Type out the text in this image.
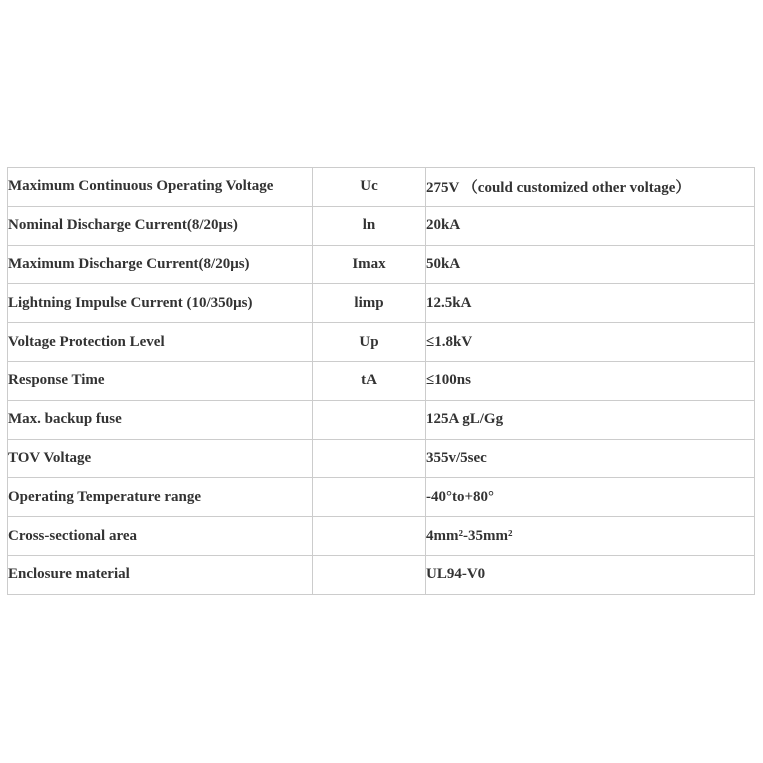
Maximum Continuous Operating Voltage	Uc	275V （could customized other voltage）
Nominal Discharge Current(8/20μs)	ln	20kA
Maximum Discharge Current(8/20μs)	Imax	50kA
Lightning Impulse Current (10/350μs)	limp	12.5kA
Voltage Protection Level	Up	≤1.8kV
Response Time	tA	≤100ns
Max. backup fuse		125A gL/Gg
TOV Voltage		355v/5sec
Operating Temperature range		-40°to+80°
Cross-sectional area		4mm²-35mm²
Enclosure material		UL94-V0
